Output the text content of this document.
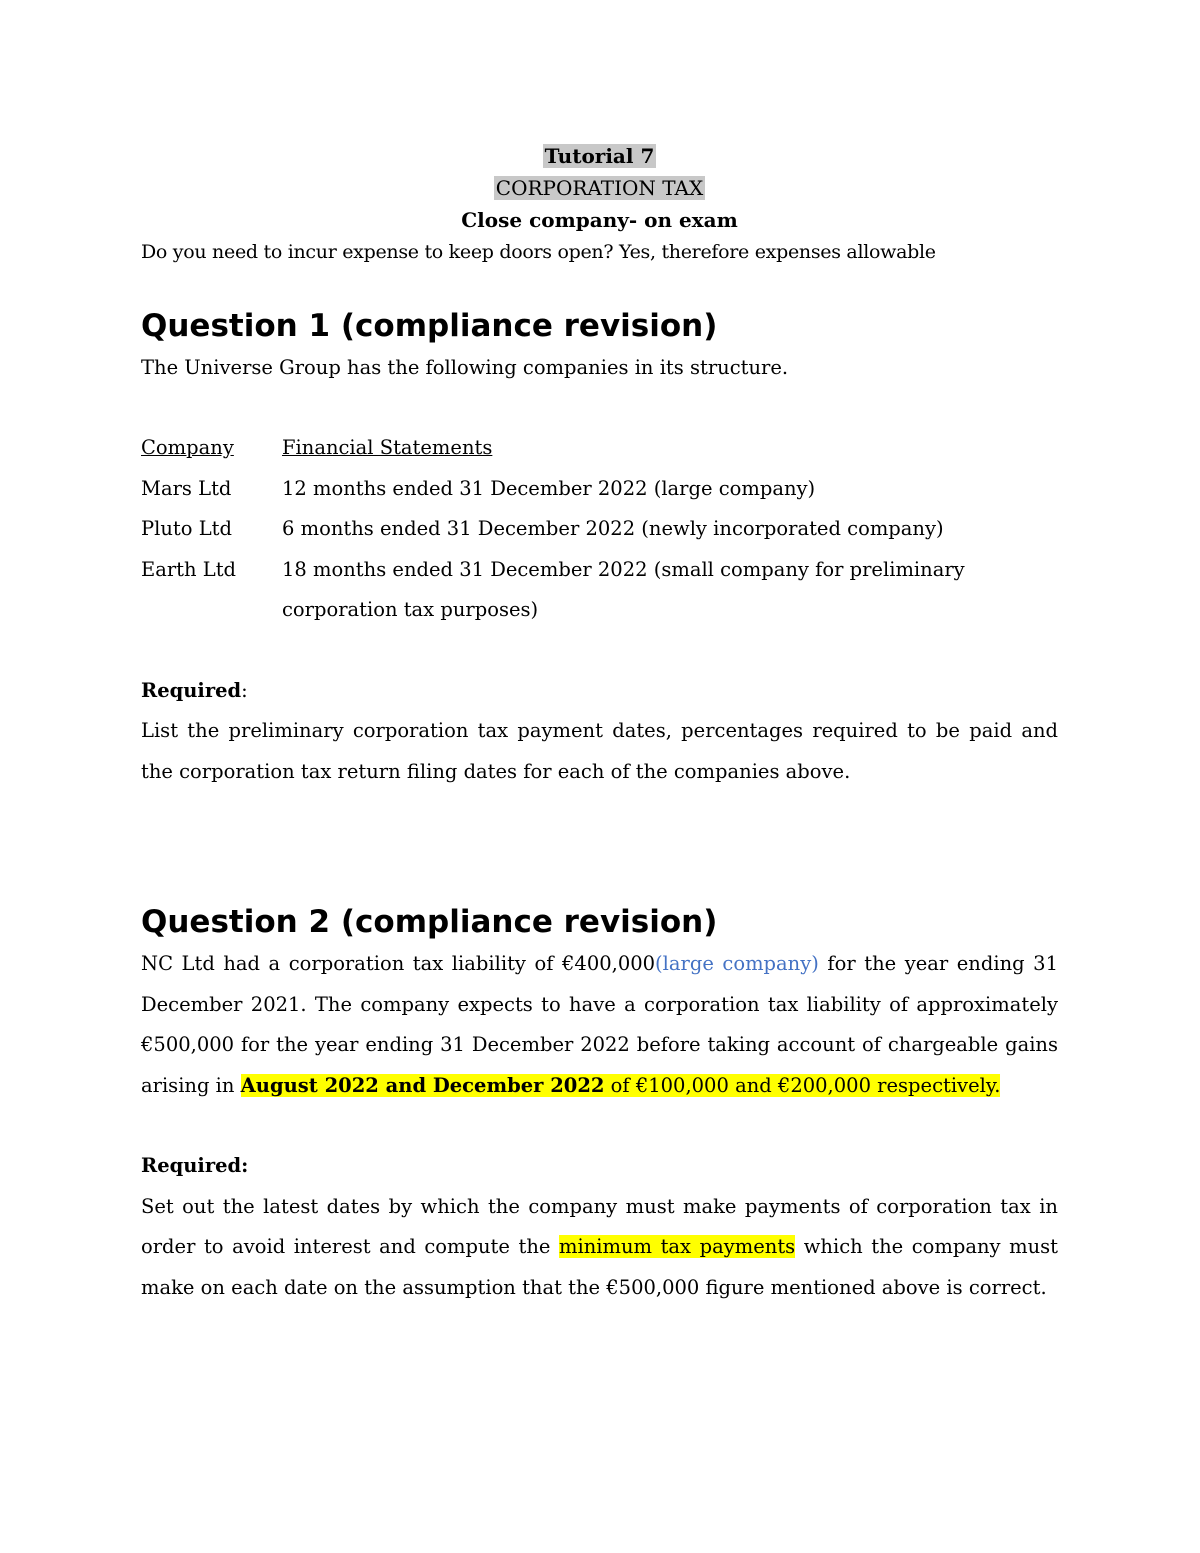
Tutorial 7
CORPORATION TAX
Close company- on exam
Do you need to incur expense to keep doors open? Yes, therefore expenses allowable
Question 1 (compliance revision)

The Universe Group has the following companies in its structure.

Company	Financial Statements
Mars Ltd	12 months ended 31 December 2022 (large company)
Pluto Ltd	6 months ended 31 December 2022 (newly incorporated company)
Earth Ltd	18 months ended 31 December 2022 (small company for preliminary corporation tax purposes)

Required:

List the preliminary corporation tax payment dates, percentages required to be paid and the corporation tax return filing dates for each of the companies above.

Question 2 (compliance revision)

NC Ltd had a corporation tax liability of €400,000(large company) for the year ending 31 December 2021. The company expects to have a corporation tax liability of approximately €500,000 for the year ending 31 December 2022 before taking account of chargeable gains arising in August 2022 and December 2022 of €100,000 and €200,000 respectively.

Required:

Set out the latest dates by which the company must make payments of corporation tax in order to avoid interest and compute the minimum tax payments which the company must make on each date on the assumption that the €500,000 figure mentioned above is correct.
